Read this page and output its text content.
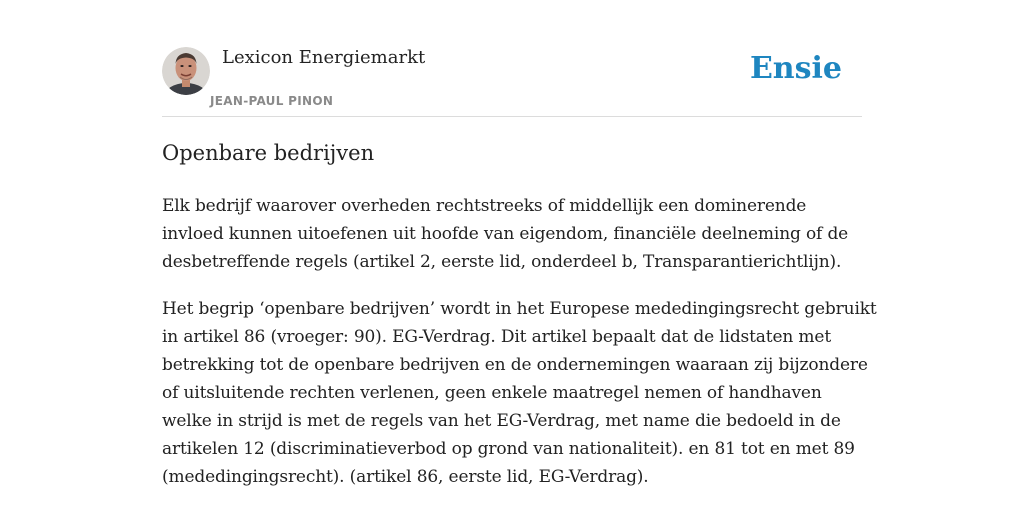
Lexicon Energiemarkt
JEAN-PAUL PINON
Ensie
Openbare bedrijven

Elk bedrijf waarover overheden rechtstreeks of middellijk een dominerende
invloed kunnen uitoefenen uit hoofde van eigendom, financiële deelneming of de
desbetreffende regels (artikel 2, eerste lid, onderdeel b, Transparantierichtlijn).

Het begrip ‘openbare bedrijven’ wordt in het Europese mededingingsrecht gebruikt
in artikel 86 (vroeger: 90). EG-Verdrag. Dit artikel bepaalt dat de lidstaten met
betrekking tot de openbare bedrijven en de ondernemingen waaraan zij bijzondere
of uitsluitende rechten verlenen, geen enkele maatregel nemen of handhaven
welke in strijd is met de regels van het EG-Verdrag, met name die bedoeld in de
artikelen 12 (discriminatieverbod op grond van nationaliteit). en 81 tot en met 89
(mededingingsrecht). (artikel 86, eerste lid, EG-Verdrag).
